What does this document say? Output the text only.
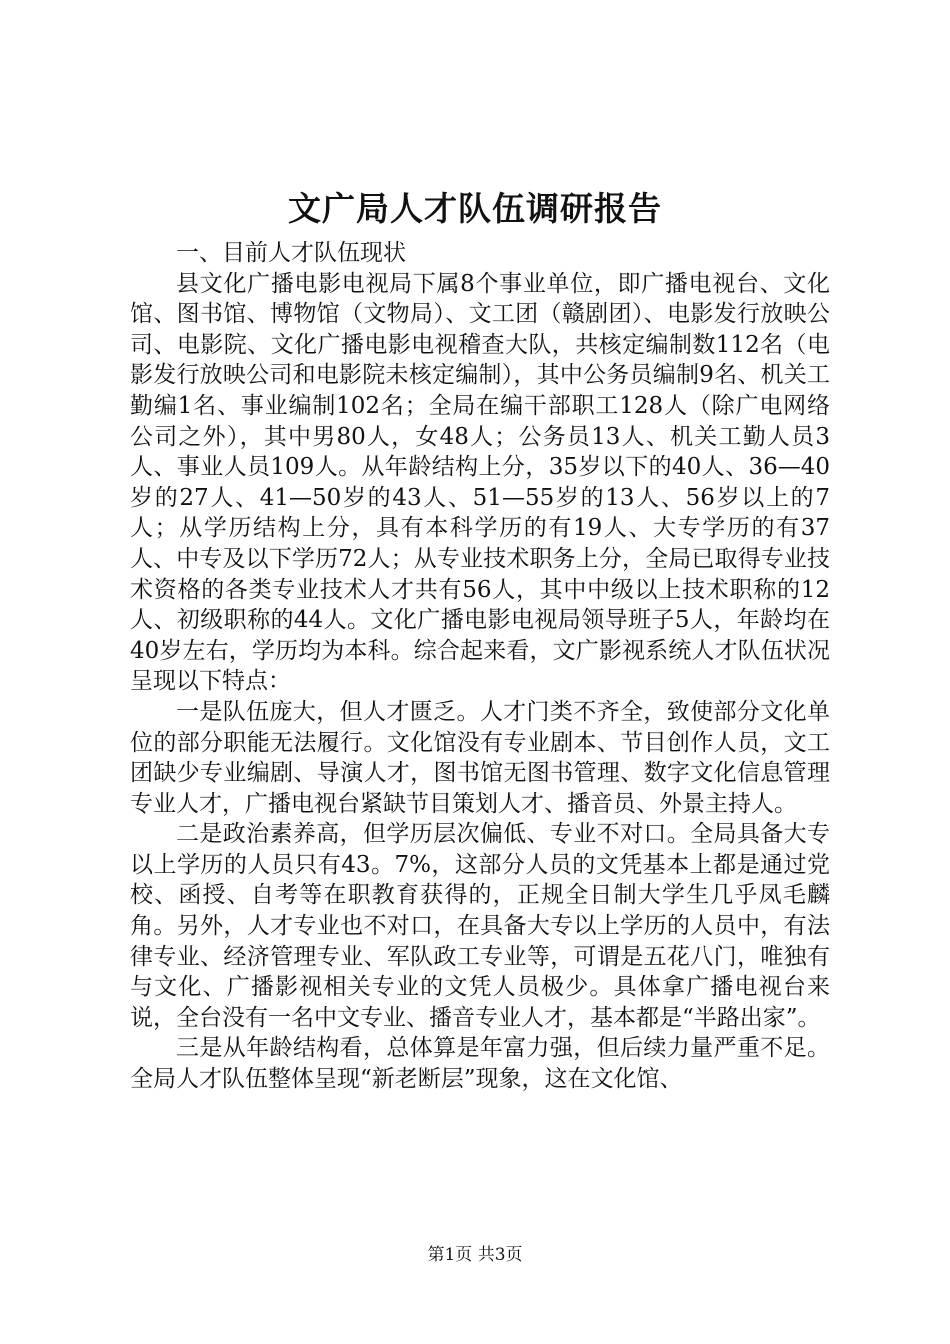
文广局人才队伍调研报告

一、目前人才队伍现状

县文化广播电影电视局下属8个事业单位，即广播电视台、文化馆、图书馆、博物馆（文物局）、文工团（赣剧团）、电影发行放映公司、电影院、文化广播电影电视稽查大队，共核定编制数112名（电影发行放映公司和电影院未核定编制），其中公务员编制9名、机关工勤编1名、事业编制102名；全局在编干部职工128人（除广电网络公司之外），其中男80人，女48人；公务员13人、机关工勤人员3人、事业人员109人。从年龄结构上分，35岁以下的40人、36—40岁的27人、41—50岁的43人、51—55岁的13人、56岁以上的7人；从学历结构上分，具有本科学历的有19人、大专学历的有37人、中专及以下学历72人；从专业技术职务上分，全局已取得专业技术资格的各类专业技术人才共有56人，其中中级以上技术职称的12人、初级职称的44人。文化广播电影电视局领导班子5人，年龄均在40岁左右，学历均为本科。综合起来看，文广影视系统人才队伍状况呈现以下特点：

一是队伍庞大，但人才匮乏。人才门类不齐全，致使部分文化单位的部分职能无法履行。文化馆没有专业剧本、节目创作人员，文工团缺少专业编剧、导演人才，图书馆无图书管理、数字文化信息管理专业人才，广播电视台紧缺节目策划人才、播音员、外景主持人。

二是政治素养高，但学历层次偏低、专业不对口。全局具备大专以上学历的人员只有43。7%，这部分人员的文凭基本上都是通过党校、函授、自考等在职教育获得的，正规全日制大学生几乎凤毛麟角。另外，人才专业也不对口，在具备大专以上学历的人员中，有法律专业、经济管理专业、军队政工专业等，可谓是五花八门，唯独有与文化、广播影视相关专业的文凭人员极少。具体拿广播电视台来说，全台没有一名中文专业、播音专业人才，基本都是“半路出家”。

三是从年龄结构看，总体算是年富力强，但后续力量严重不足。全局人才队伍整体呈现“新老断层”现象，这在文化馆、

第1页 共3页
